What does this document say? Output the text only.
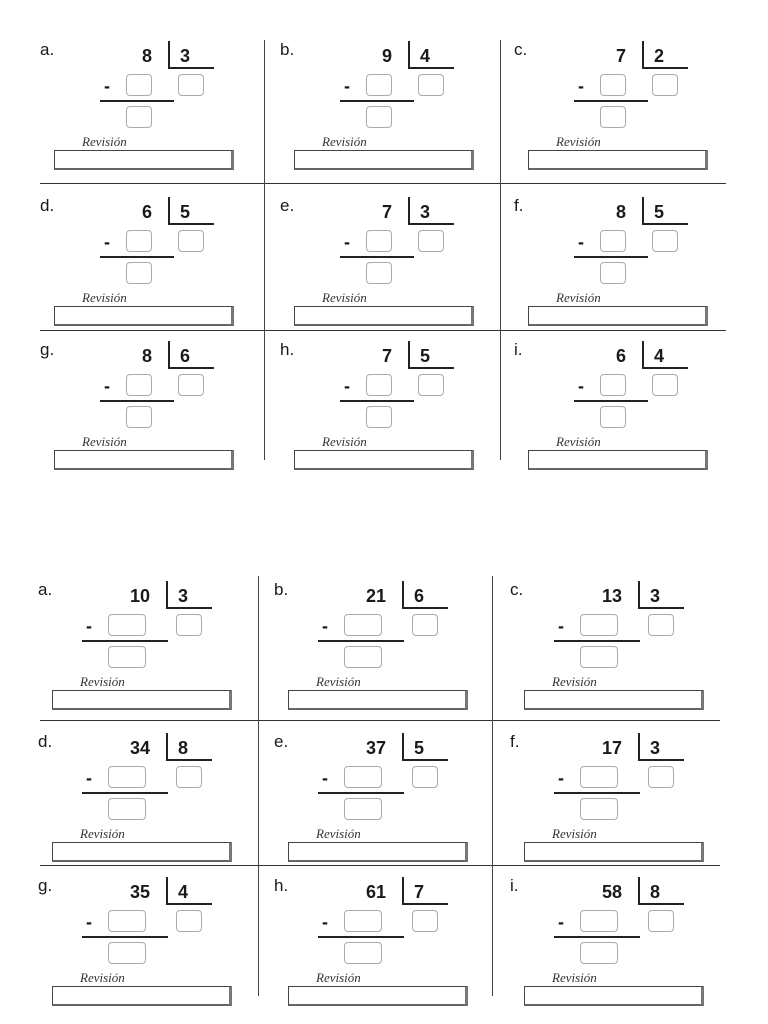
a.	8 3
-
Revisión
b.	9 4
-
Revisión
c.	7 2
-
Revisión
d.	6 5
-
Revisión
e.	7 3
-
Revisión
f.	8 5
-
Revisión
g.	8 6
-
Revisión
h.	7 5
-
Revisión
i.	6 4
-
Revisión
a.	10 3
-
Revisión
b.	21 6
-
Revisión
c.	13 3
-
Revisión
d.	34 8
-
Revisión
e.	37 5
-
Revisión
f.	17 3
-
Revisión
g.	35 4
-
Revisión
h.	61 7
-
Revisión
i.	58 8
-
Revisión
